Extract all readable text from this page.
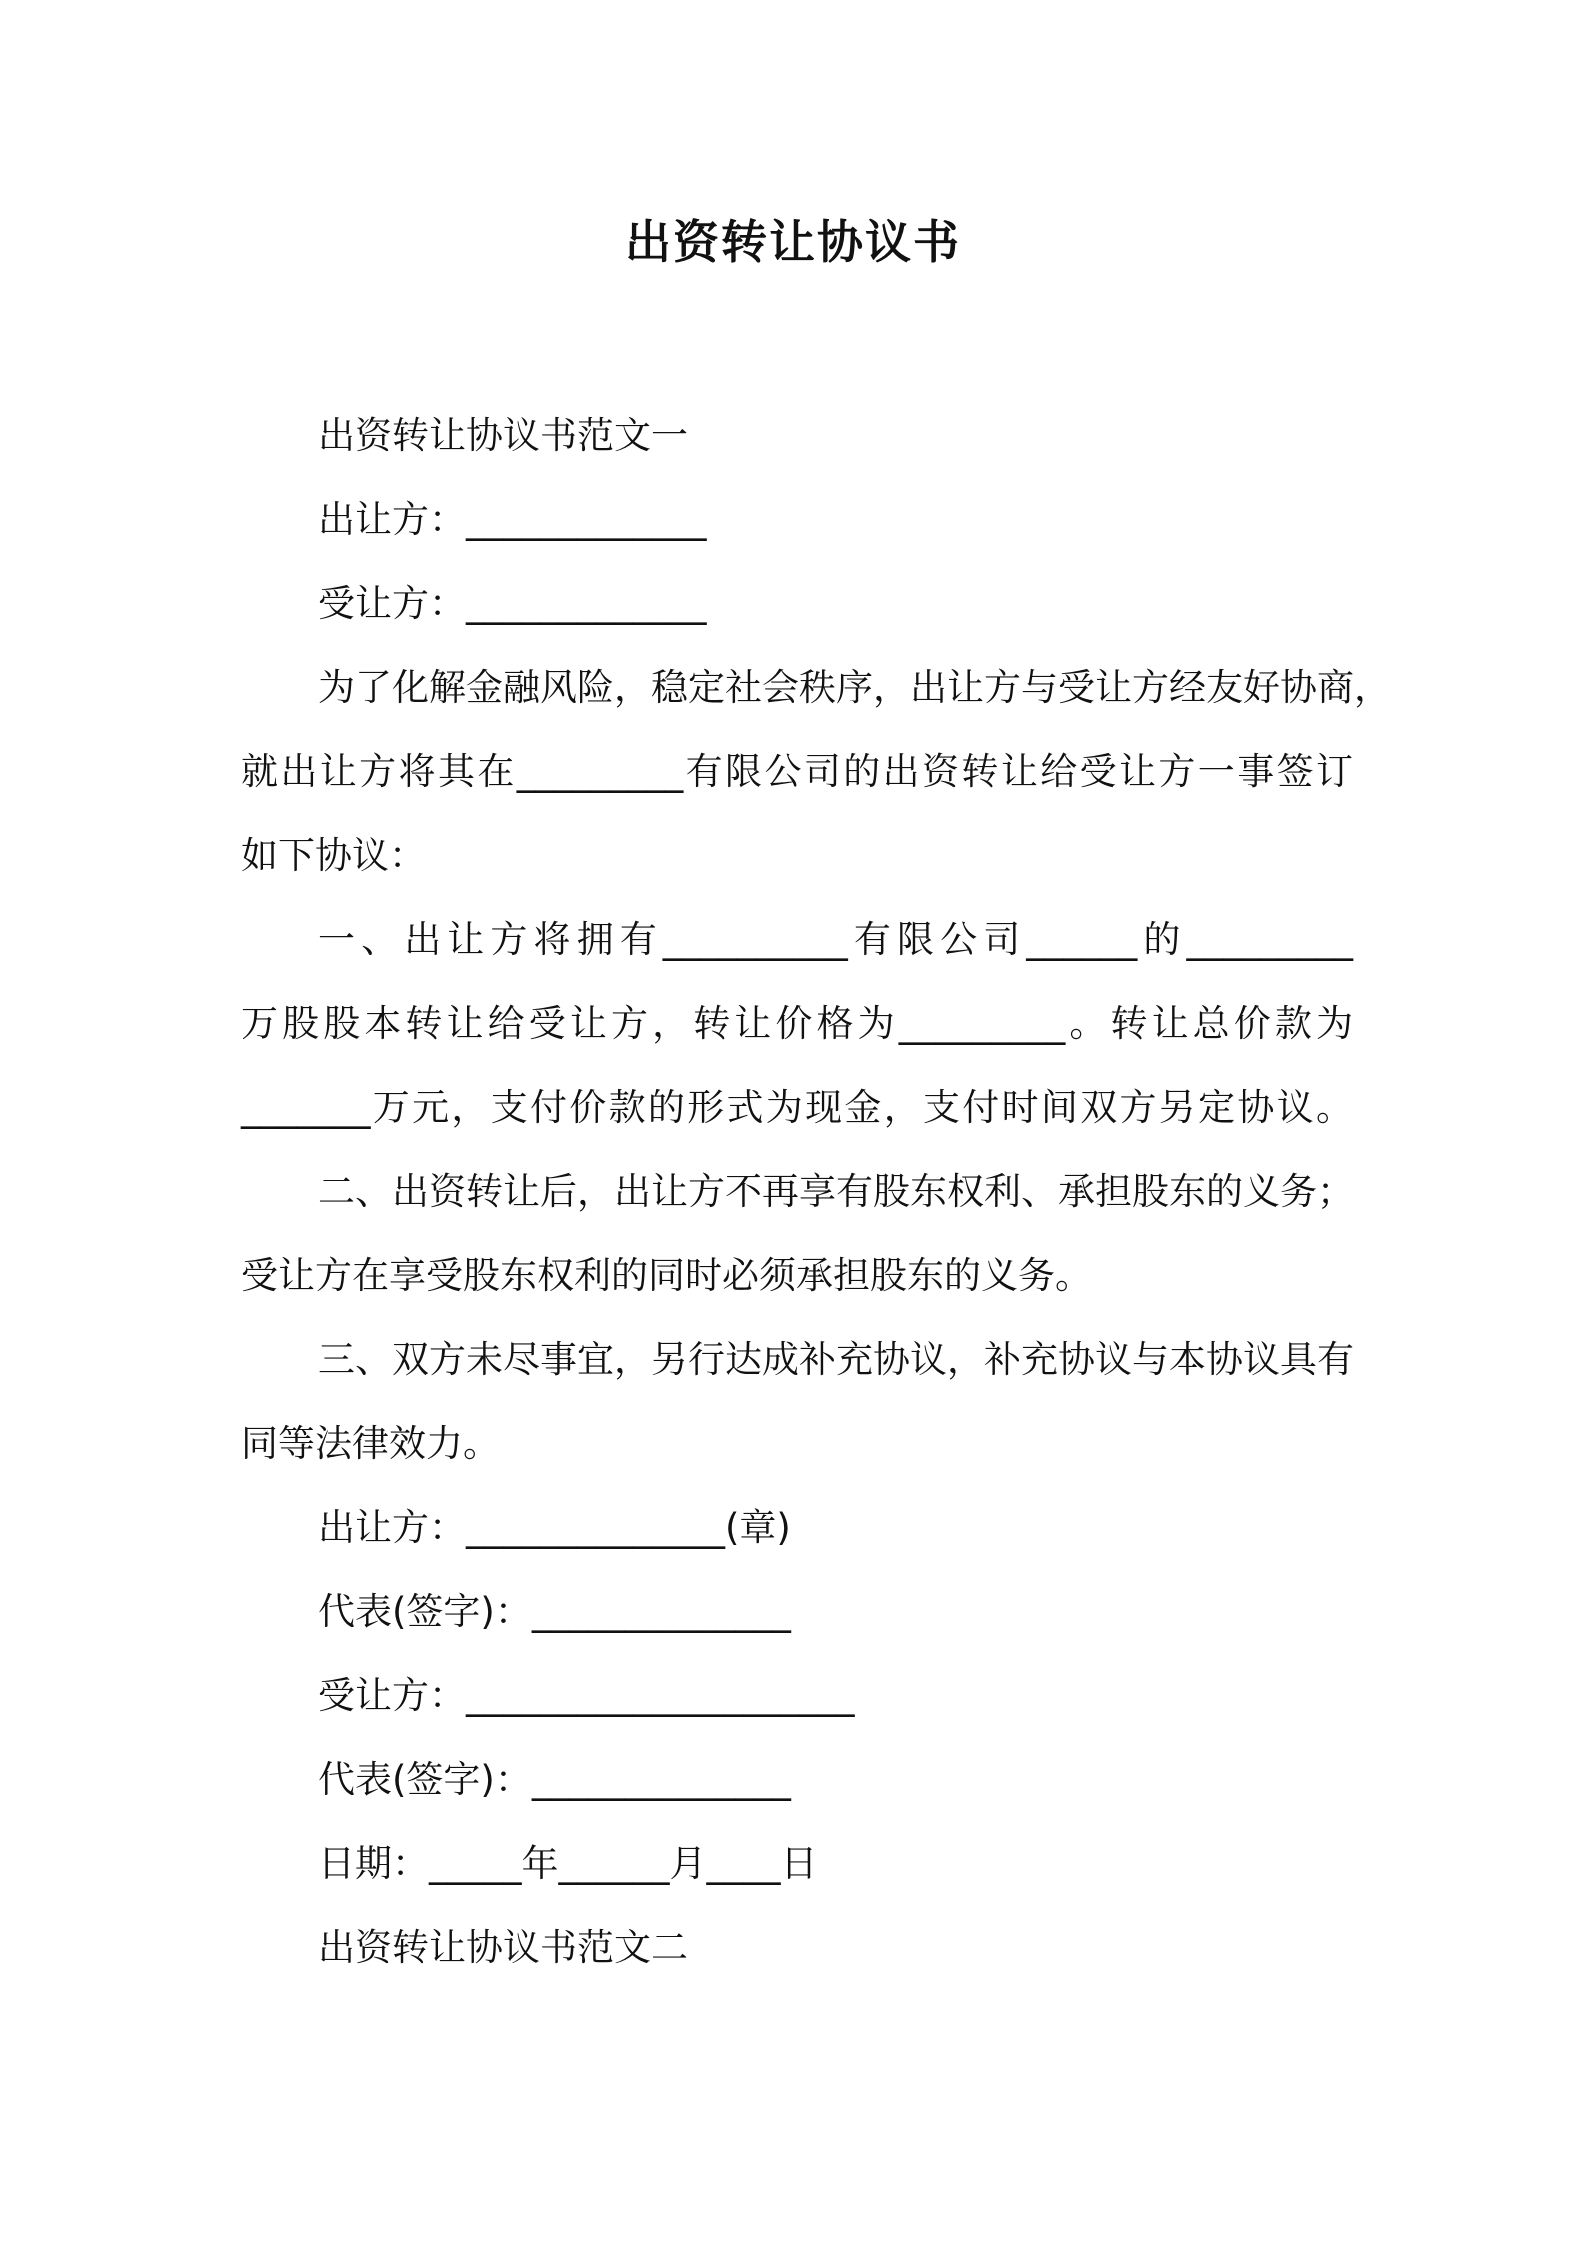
出资转让协议书
出资转让协议书范文一
出让方：_____________
受让方：_____________
为了化解金融风险，稳定社会秩序，出让方与受让方经友好协商，
就出让方将其在_________有限公司的出资转让给受让方一事签订
如下协议：
一、出让方将拥有__________有限公司______的_________
万股股本转让给受让方，转让价格为_________。转让总价款为
_______万元，支付价款的形式为现金，支付时间双方另定协议。
二、出资转让后，出让方不再享有股东权利、承担股东的义务；
受让方在享受股东权利的同时必须承担股东的义务。
三、双方未尽事宜，另行达成补充协议，补充协议与本协议具有
同等法律效力。
出让方：______________(章)
代表(签字)：______________
受让方：_____________________
代表(签字)：______________
日期：_____年______月____日
出资转让协议书范文二
